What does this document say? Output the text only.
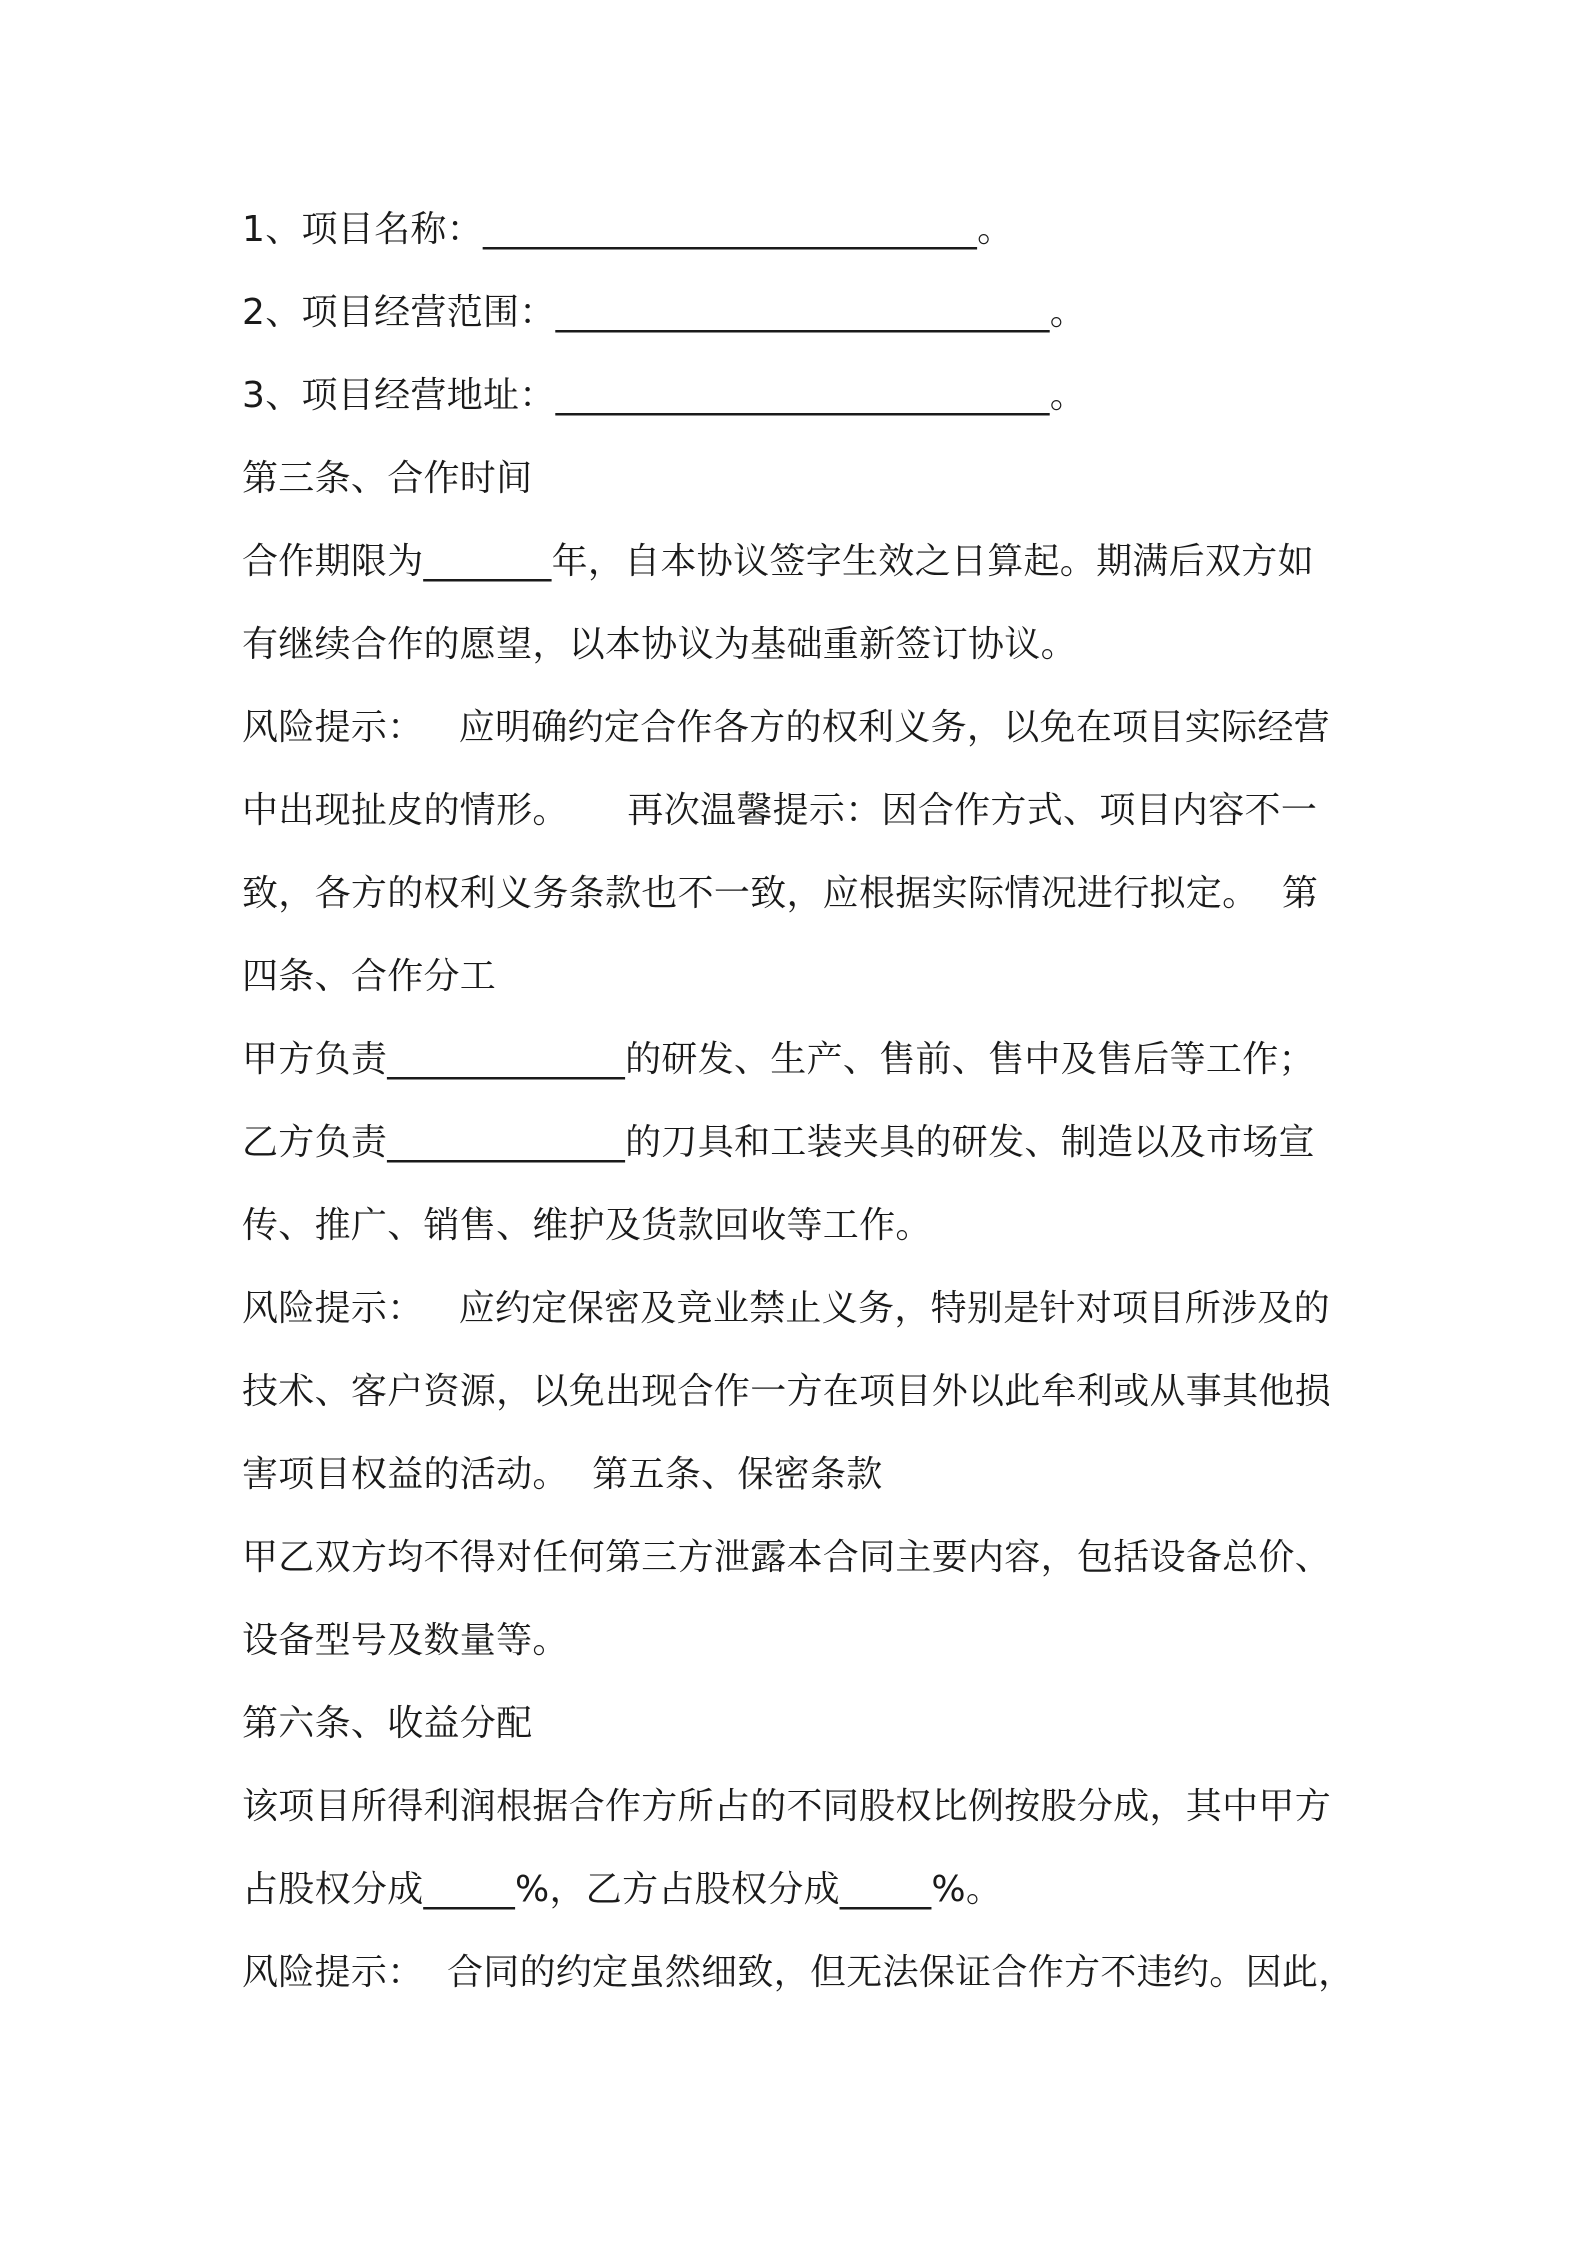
1、项目名称：___________________________。
2、项目经营范围：___________________________。
3、项目经营地址：___________________________。
第三条、合作时间
合作期限为_______年，自本协议签字生效之日算起。期满后双方如
有继续合作的愿望，以本协议为基础重新签订协议。
风险提示：   应明确约定合作各方的权利义务，以免在项目实际经营
中出现扯皮的情形。     再次温馨提示：因合作方式、项目内容不一
致，各方的权利义务条款也不一致，应根据实际情况进行拟定。  第
四条、合作分工
甲方负责_____________的研发、生产、售前、售中及售后等工作；
乙方负责_____________的刀具和工装夹具的研发、制造以及市场宣
传、推广、销售、维护及货款回收等工作。
风险提示：   应约定保密及竞业禁止义务，特别是针对项目所涉及的
技术、客户资源，以免出现合作一方在项目外以此牟利或从事其他损
害项目权益的活动。  第五条、保密条款
甲乙双方均不得对任何第三方泄露本合同主要内容，包括设备总价、
设备型号及数量等。
第六条、收益分配
该项目所得利润根据合作方所占的不同股权比例按股分成，其中甲方
占股权分成_____%，乙方占股权分成_____%。
风险提示：  合同的约定虽然细致，但无法保证合作方不违约。因此，
